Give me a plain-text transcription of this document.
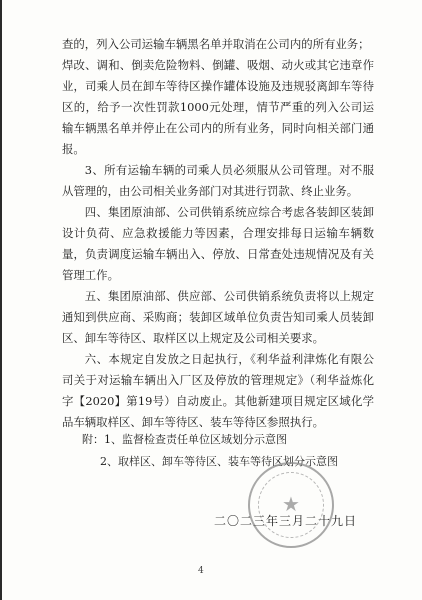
查的，列入公司运输车辆黑名单并取消在公司内的所有业务；

焊改、调和、倒卖危险物料、倒罐、吸烟、动火或其它违章作业，司乘人员在卸车等待区操作罐体设施及违规驳离卸车等待区的，给予一次性罚款1000元处理，情节严重的列入公司运输车辆黑名单并停止在公司内的所有业务，同时向相关部门通报。

3、所有运输车辆的司乘人员必须服从公司管理。对不服从管理的，由公司相关业务部门对其进行罚款、终止业务。

四、集团原油部、公司供销系统应综合考虑各装卸区装卸设计负荷、应急救援能力等因素，合理安排每日运输车辆数量，负责调度运输车辆出入、停放、日常查处违规情况及有关管理工作。

五、集团原油部、供应部、公司供销系统负责将以上规定通知到供应商、采购商；装卸区域单位负责告知司乘人员装卸区、卸车等待区、取样区以上规定及公司相关要求。

六、本规定自发放之日起执行，《利华益利津炼化有限公司关于对运输车辆出入厂区及停放的管理规定》（利华益炼化字【2020】第19号）自动废止。其他新建项目规定区域化学品车辆取样区、卸车等待区、装车等待区参照执行。

附：1、监督检查责任单位区域划分示意图

2、取样区、卸车等待区、装车等待区划分示意图

★
二〇二三年三月二十九日
4
